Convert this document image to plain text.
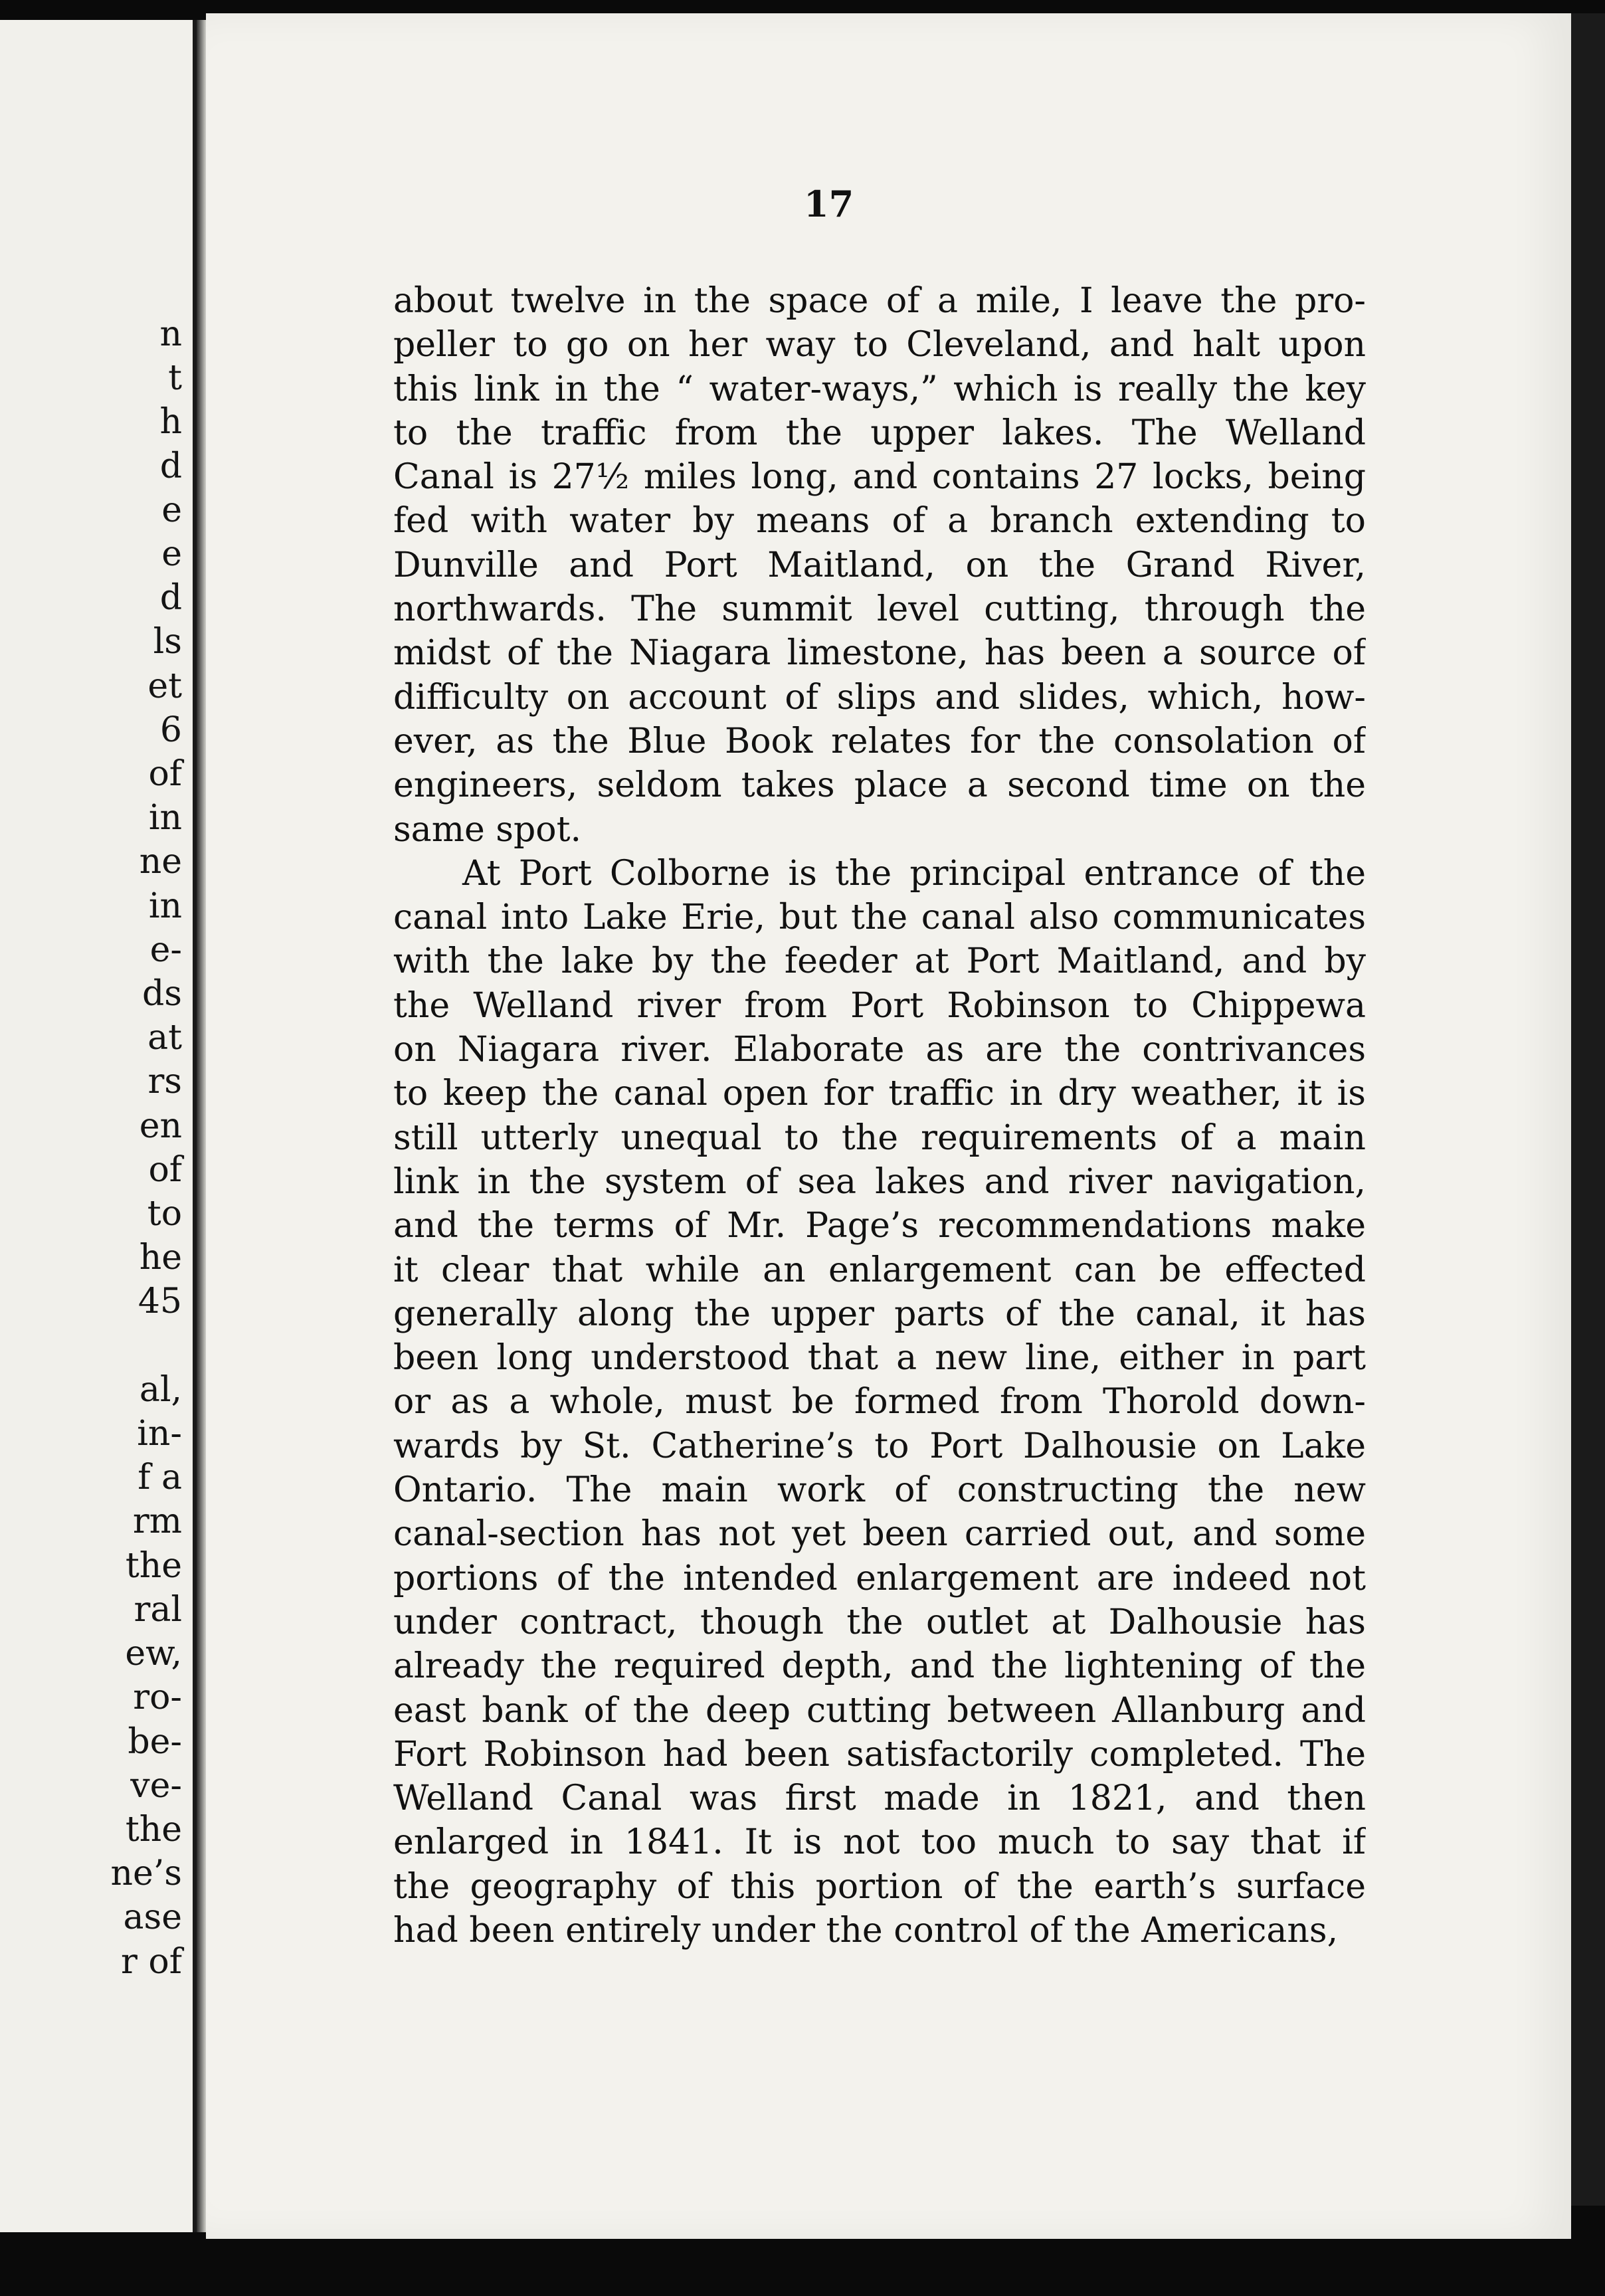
n
t
h
d
e
e
d
ls
et
6
of
in
ne
in
e-
ds
at
rs
en
of
to
he
45

al,
in-
f a
rm
the
ral
ew,
ro-
be-
ve-
the
ne’s
ase
r of

17

about twelve in the space of a mile, I leave the pro-
peller to go on her way to Cleveland, and halt upon
this link in the “ water-ways,” which is really the key
to the traffic from the upper lakes. The Welland
Canal is 27½ miles long, and contains 27 locks, being
fed with water by means of a branch extending to
Dunville and Port Maitland, on the Grand River,
northwards. The summit level cutting, through the
midst of the Niagara limestone, has been a source of
difficulty on account of slips and slides, which, how-
ever, as the Blue Book relates for the consolation of
engineers, seldom takes place a second time on the
same spot.
At Port Colborne is the principal entrance of the
canal into Lake Erie, but the canal also communicates
with the lake by the feeder at Port Maitland, and by
the Welland river from Port Robinson to Chippewa
on Niagara river. Elaborate as are the contrivances
to keep the canal open for traffic in dry weather, it is
still utterly unequal to the requirements of a main
link in the system of sea lakes and river navigation,
and the terms of Mr. Page’s recommendations make
it clear that while an enlargement can be effected
generally along the upper parts of the canal, it has
been long understood that a new line, either in part
or as a whole, must be formed from Thorold down-
wards by St. Catherine’s to Port Dalhousie on Lake
Ontario. The main work of constructing the new
canal-section has not yet been carried out, and some
portions of the intended enlargement are indeed not
under contract, though the outlet at Dalhousie has
already the required depth, and the lightening of the
east bank of the deep cutting between Allanburg and
Fort Robinson had been satisfactorily completed. The
Welland Canal was first made in 1821, and then
enlarged in 1841. It is not too much to say that if
the geography of this portion of the earth’s surface
had been entirely under the control of the Americans,
